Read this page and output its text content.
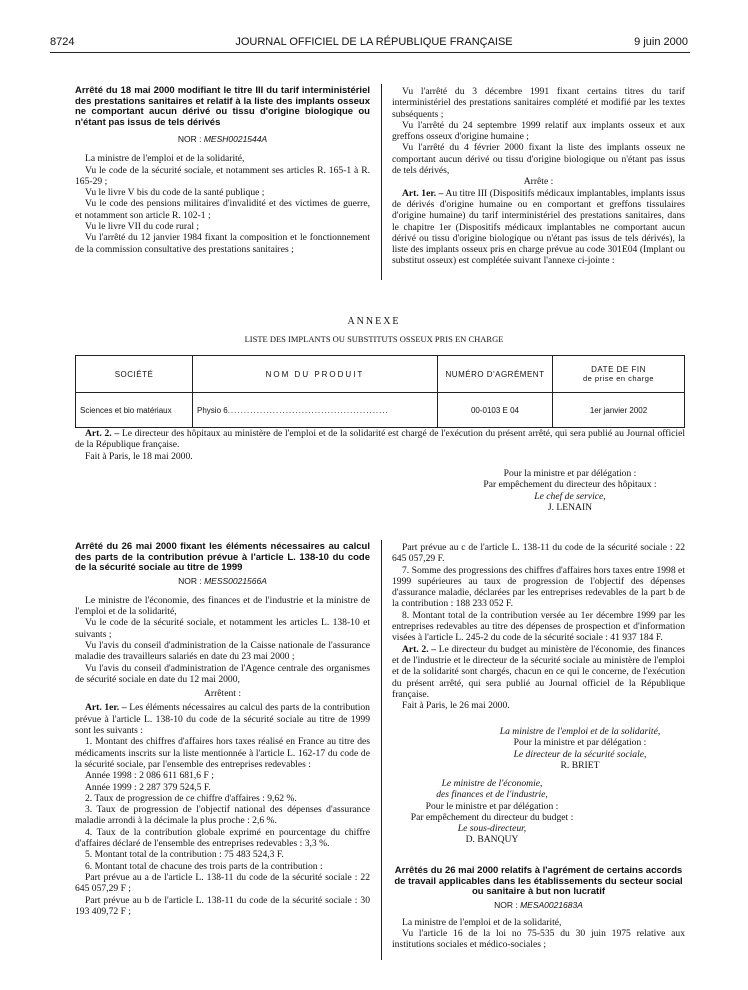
8724	JOURNAL OFFICIEL DE LA RÉPUBLIQUE FRANÇAISE	9 juin 2000

Arrêté du 18 mai 2000 modifiant le titre III du tarif interministériel des prestations sanitaires et relatif à la liste des implants osseux ne comportant aucun dérivé ou tissu d'origine biologique ou n'étant pas issus de tels dérivés

NOR : MESH0021544A

La ministre de l'emploi et de la solidarité,

Vu le code de la sécurité sociale, et notamment ses articles R. 165-1 à R. 165-29 ;

Vu le livre V bis du code de la santé publique ;

Vu le code des pensions militaires d'invalidité et des victimes de guerre, et notamment son article R. 102-1 ;

Vu le livre VII du code rural ;

Vu l'arrêté du 12 janvier 1984 fixant la composition et le fonctionnement de la commission consultative des prestations sanitaires ;

Vu l'arrêté du 3 décembre 1991 fixant certains titres du tarif interministériel des prestations sanitaires complété et modifié par les textes subséquents ;

Vu l'arrêté du 24 septembre 1999 relatif aux implants osseux et aux greffons osseux d'origine humaine ;

Vu l'arrêté du 4 février 2000 fixant la liste des implants osseux ne comportant aucun dérivé ou tissu d'origine biologique ou n'étant pas issus de tels dérivés,

Arrête :

Art. 1er. – Au titre III (Dispositifs médicaux implantables, implants issus de dérivés d'origine humaine ou en comportant et greffons tissulaires d'origine humaine) du tarif interministériel des prestations sanitaires, dans le chapitre 1er (Dispositifs médicaux implantables ne comportant aucun dérivé ou tissu d'origine biologique ou n'étant pas issus de tels dérivés), la liste des implants osseux pris en charge prévue au code 301E04 (Implant ou substitut osseux) est complétée suivant l'annexe ci-jointe :

ANNEXE
LISTE DES IMPLANTS OU SUBSTITUTS OSSEUX PRIS EN CHARGE
SOCIÉTÉ	NOM DU PRODUIT	NUMÉRO D'AGRÉMENT	DATE DE FIN
de prise en charge

Sciences et bio matériaux	Physio 6..................................................	00-0103 E 04	1er janvier 2002

Art. 2. – Le directeur des hôpitaux au ministère de l'emploi et de la solidarité est chargé de l'exécution du présent arrêté, qui sera publié au Journal officiel de la République française.

Fait à Paris, le 18 mai 2000.

Pour la ministre et par délégation :
Par empêchement du directeur des hôpitaux :
Le chef de service,
J. LENAIN

Arrêté du 26 mai 2000 fixant les éléments nécessaires au calcul des parts de la contribution prévue à l'article L. 138-10 du code de la sécurité sociale au titre de 1999

NOR : MESS0021566A

Le ministre de l'économie, des finances et de l'industrie et la ministre de l'emploi et de la solidarité,

Vu le code de la sécurité sociale, et notamment les articles L. 138-10 et suivants ;

Vu l'avis du conseil d'administration de la Caisse nationale de l'assurance maladie des travailleurs salariés en date du 23 mai 2000 ;

Vu l'avis du conseil d'administration de l'Agence centrale des organismes de sécurité sociale en date du 12 mai 2000,

Arrêtent :

Art. 1er. – Les éléments nécessaires au calcul des parts de la contribution prévue à l'article L. 138-10 du code de la sécurité sociale au titre de 1999 sont les suivants :

1. Montant des chiffres d'affaires hors taxes réalisé en France au titre des médicaments inscrits sur la liste mentionnée à l'article L. 162-17 du code de la sécurité sociale, par l'ensemble des entreprises redevables :

Année 1998 : 2 086 611 681,6 F ;

Année 1999 : 2 287 379 524,5 F.

2. Taux de progression de ce chiffre d'affaires : 9,62 %.

3. Taux de progression de l'objectif national des dépenses d'assurance maladie arrondi à la décimale la plus proche : 2,6 %.

4. Taux de la contribution globale exprimé en pourcentage du chiffre d'affaires déclaré de l'ensemble des entreprises redevables : 3,3 %.

5. Montant total de la contribution : 75 483 524,3 F.

6. Montant total de chacune des trois parts de la contribution :

Part prévue au a de l'article L. 138-11 du code de la sécurité sociale : 22 645 057,29 F ;

Part prévue au b de l'article L. 138-11 du code de la sécurité sociale : 30 193 409,72 F ;

Part prévue au c de l'article L. 138-11 du code de la sécurité sociale : 22 645 057,29 F.

7. Somme des progressions des chiffres d'affaires hors taxes entre 1998 et 1999 supérieures au taux de progression de l'objectif des dépenses d'assurance maladie, déclarées par les entreprises redevables de la part b de la contribution : 188 233 052 F.

8. Montant total de la contribution versée au 1er décembre 1999 par les entreprises redevables au titre des dépenses de prospection et d'information visées à l'article L. 245-2 du code de la sécurité sociale : 41 937 184 F.

Art. 2. – Le directeur du budget au ministère de l'économie, des finances et de l'industrie et le directeur de la sécurité sociale au ministère de l'emploi et de la solidarité sont chargés, chacun en ce qui le concerne, de l'exécution du présent arrêté, qui sera publié au Journal officiel de la République française.

Fait à Paris, le 26 mai 2000.

La ministre de l'emploi et de la solidarité,
Pour la ministre et par délégation :
Le directeur de la sécurité sociale,
R. BRIET
Le ministre de l'économie,
des finances et de l'industrie,
Pour le ministre et par délégation :
Par empêchement du directeur du budget :
Le sous-directeur,
D. BANQUY

Arrêtés du 26 mai 2000 relatifs à l'agrément de certains accords de travail applicables dans les établissements du secteur social ou sanitaire à but non lucratif

NOR : MESA0021683A

La ministre de l'emploi et de la solidarité,

Vu l'article 16 de la loi no 75-535 du 30 juin 1975 relative aux institutions sociales et médico-sociales ;
